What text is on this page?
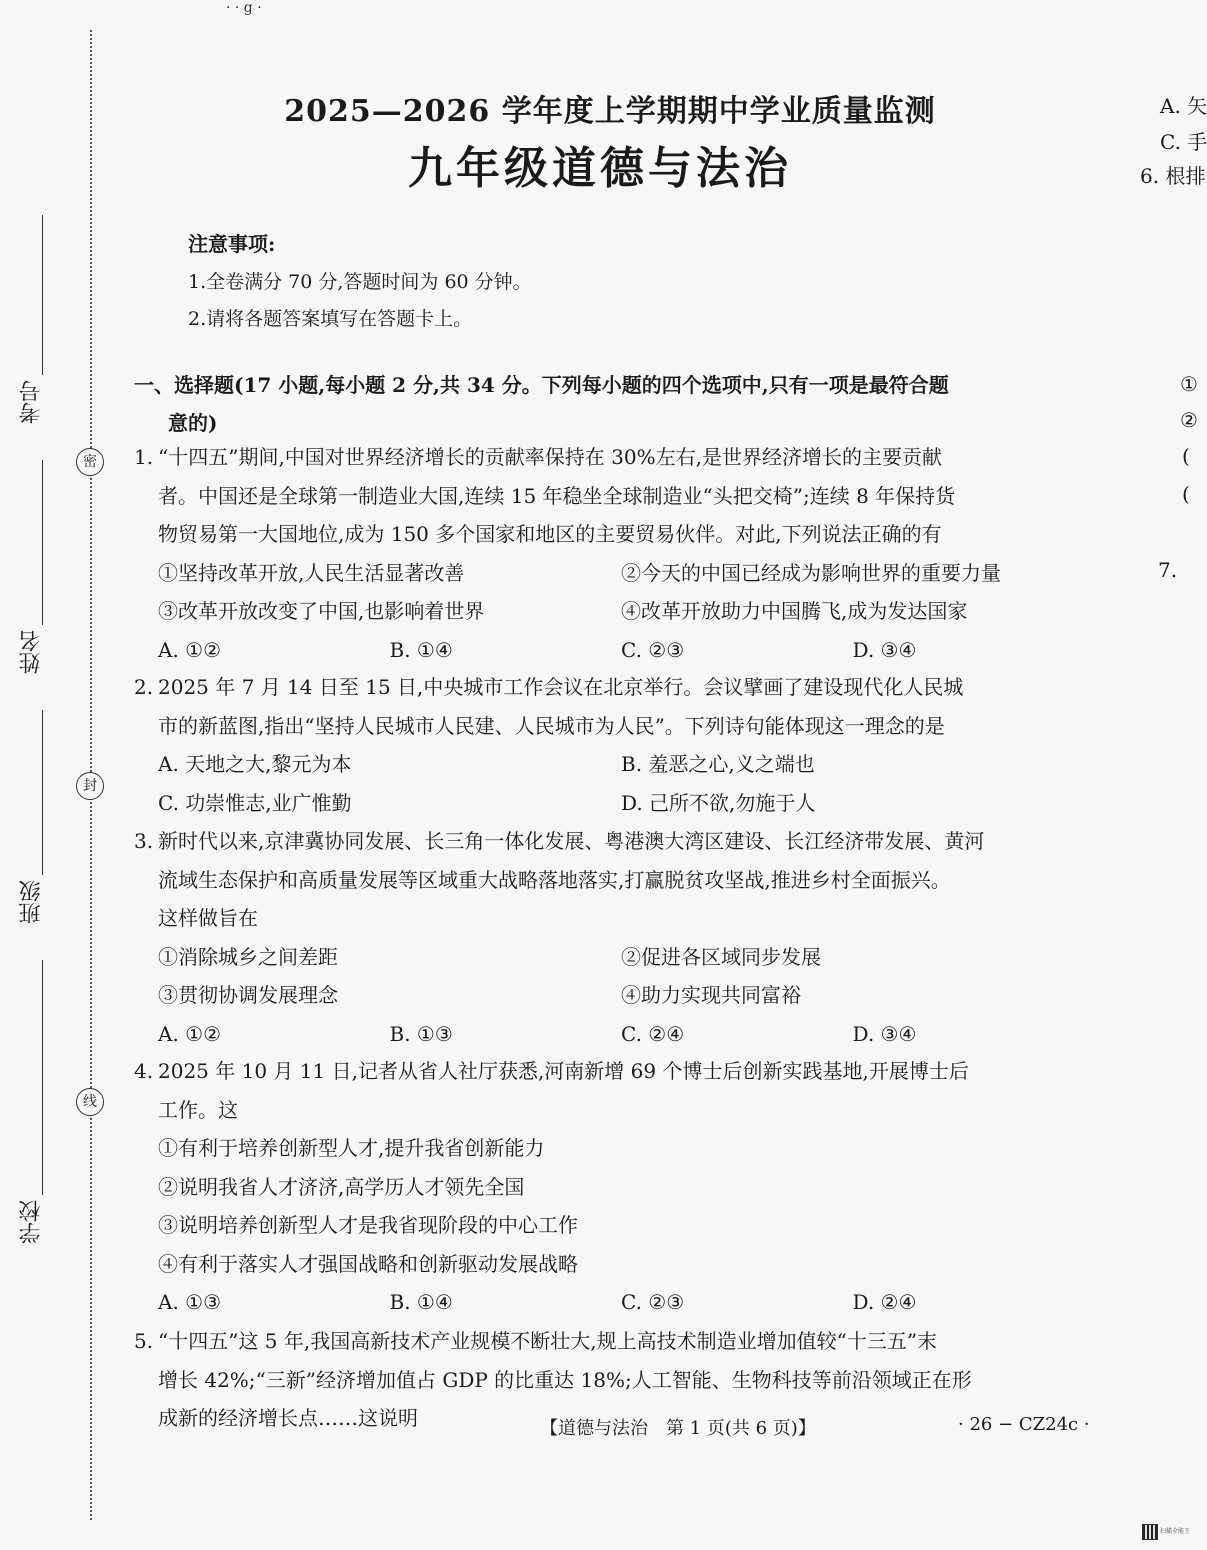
· · g ·
密
封
线
考号
姓名
班级
学校
A. 矢
C. 手
6. 根排
①
②
(
(
7.
2025—2026 学年度上学期期中学业质量监测
九年级道德与法治
注意事项:
1.全卷满分 70 分,答题时间为 60 分钟。
2.请将各题答案填写在答题卡上。
一、选择题(17 小题,每小题 2 分,共 34 分。下列每小题的四个选项中,只有一项是最符合题
意的)
1. “十四五”期间,中国对世界经济增长的贡献率保持在 30%左右,是世界经济增长的主要贡献
者。中国还是全球第一制造业大国,连续 15 年稳坐全球制造业“头把交椅”;连续 8 年保持货
物贸易第一大国地位,成为 150 多个国家和地区的主要贸易伙伴。对此,下列说法正确的有
①坚持改革开放,人民生活显著改善	②今天的中国已经成为影响世界的重要力量
③改革开放改变了中国,也影响着世界	④改革开放助力中国腾飞,成为发达国家
A. ①②	B. ①④	C. ②③	D. ③④
2. 2025 年 7 月 14 日至 15 日,中央城市工作会议在北京举行。会议擘画了建设现代化人民城
市的新蓝图,指出“坚持人民城市人民建、人民城市为人民”。下列诗句能体现这一理念的是
A. 天地之大,黎元为本	B. 羞恶之心,义之端也
C. 功崇惟志,业广惟勤	D. 己所不欲,勿施于人
3. 新时代以来,京津冀协同发展、长三角一体化发展、粤港澳大湾区建设、长江经济带发展、黄河
流域生态保护和高质量发展等区域重大战略落地落实,打赢脱贫攻坚战,推进乡村全面振兴。
这样做旨在
①消除城乡之间差距	②促进各区域同步发展
③贯彻协调发展理念	④助力实现共同富裕
A. ①②	B. ①③	C. ②④	D. ③④
4. 2025 年 10 月 11 日,记者从省人社厅获悉,河南新增 69 个博士后创新实践基地,开展博士后
工作。这
①有利于培养创新型人才,提升我省创新能力
②说明我省人才济济,高学历人才领先全国
③说明培养创新型人才是我省现阶段的中心工作
④有利于落实人才强国战略和创新驱动发展战略
A. ①③	B. ①④	C. ②③	D. ②④
5. “十四五”这 5 年,我国高新技术产业规模不断壮大,规上高技术制造业增加值较“十三五”末
增长 42%;“三新”经济增加值占 GDP 的比重达 18%;人工智能、生物科技等前沿领域正在形
成新的经济增长点……这说明	【道德与法治　第 1 页(共 6 页)】	· 26 − CZ24c ·
扫描全能王
